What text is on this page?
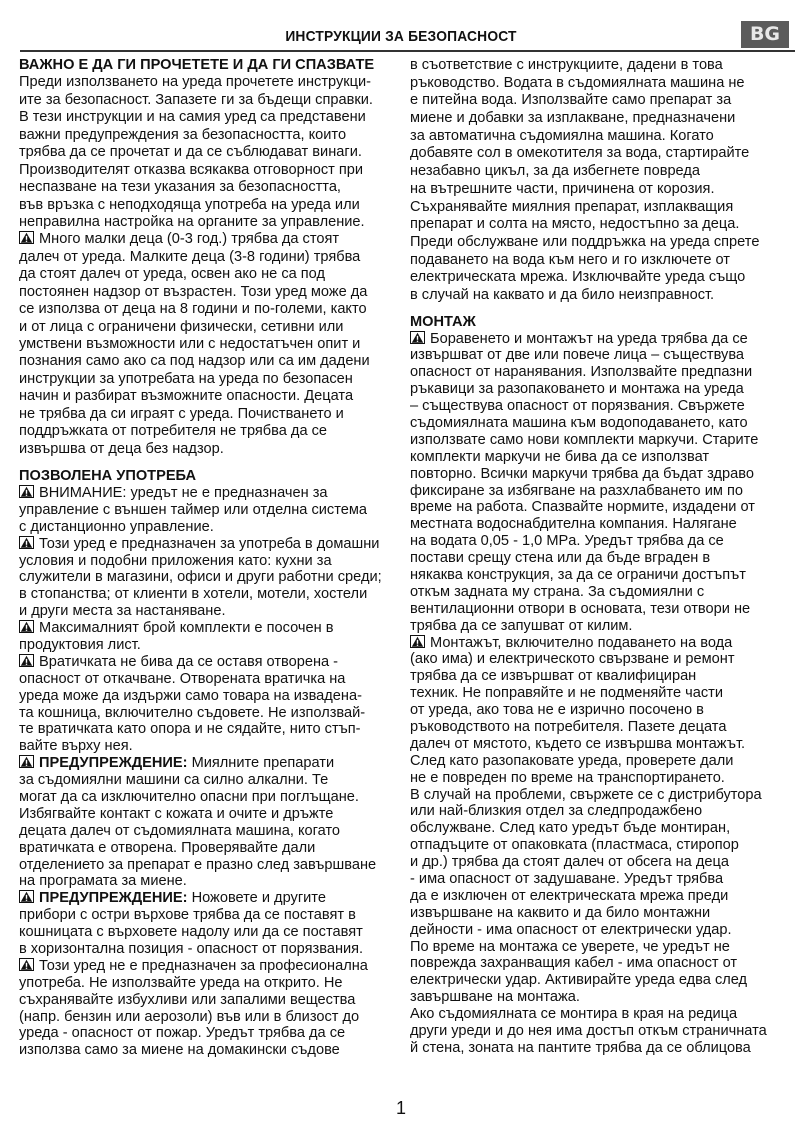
ИНСТРУКЦИИ ЗА БЕЗОПАСНОСТ	BG
ВАЖНО Е ДА ГИ ПРОЧЕТЕТЕ И ДА ГИ СПАЗВАТЕ
Преди използването на уреда прочетете инструкци-
ите за безопасност. Запазете ги за бъдещи справки.
В тези инструкции и на самия уред са представени
важни предупреждения за безопасността, които
трябва да се прочетат и да се съблюдават винаги.
Производителят отказва всякаква отговорност при
неспазване на тези указания за безопасността,
във връзка с неподходяща употреба на уреда или
неправилна настройка на органите за управление.
Много малки деца (0-3 год.) трябва да стоят
далеч от уреда. Малките деца (3-8 години) трябва
да стоят далеч от уреда, освен ако не са под
постоянен надзор от възрастен. Този уред може да
се използва от деца на 8 години и по-големи, както
и от лица с ограничени физически, сетивни или
умствени възможности или с недостатъчен опит и
познания само ако са под надзор или са им дадени
инструкции за употребата на уреда по безопасен
начин и разбират възможните опасности. Децата
не трябва да си играят с уреда. Почистването и
поддръжката от потребителя не трябва да се
извършва от деца без надзор.
ПОЗВОЛЕНА УПОТРЕБА
ВНИМАНИЕ: уредът не е предназначен за
управление с външен таймер или отделна система
с дистанционно управление.
Този уред е предназначен за употреба в домашни
условия и подобни приложения като: кухни за
служители в магазини, офиси и други работни среди;
в стопанства; от клиенти в хотели, мотели, хостели
и други места за настаняване.
Максималният брой комплекти е посочен в
продуктовия лист.
Вратичката не бива да се оставя отворена -
опасност от откачване. Отворената вратичка на
уреда може да издържи само товара на извадена-
та кошница, включително съдовете. Не използвай-
те вратичката като опора и не сядайте, нито стъп-
вайте върху нея.
ПРЕДУПРЕЖДЕНИЕ: Миялните препарати
за съдомиялни машини са силно алкални. Те
могат да са изключително опасни при поглъщане.
Избягвайте контакт с кожата и очите и дръжте
децата далеч от съдомиялната машина, когато
вратичката е отворена. Проверявайте дали
отделението за препарат е празно след завършване
на програмата за миене.
ПРЕДУПРЕЖДЕНИЕ: Ножовете и другите
прибори с остри върхове трябва да се поставят в
кошницата с върховете надолу или да се поставят
в хоризонтална позиция - опасност от порязвания.
Този уред не е предназначен за професионална
употреба. Не използвайте уреда на открито. Не
съхранявайте избухливи или запалими вещества
(напр. бензин или аерозоли) във или в близост до
уреда - опасност от пожар. Уредът трябва да се
използва само за миене на домакински съдове
в съответствие с инструкциите, дадени в това
ръководство. Водата в съдомиялната машина не
е питейна вода. Използвайте само препарат за
миене и добавки за изплакване, предназначени
за автоматична съдомиялна машина. Когато
добавяте сол в омекотителя за вода, стартирайте
незабавно цикъл, за да избегнете повреда
на вътрешните части, причинена от корозия.
Съхранявайте миялния препарат, изплакващия
препарат и солта на място, недостъпно за деца.
Преди обслужване или поддръжка на уреда спрете
подаването на вода към него и го изключете от
електрическата мрежа. Изключвайте уреда също
в случай на каквато и да било неизправност.
МОНТАЖ
Боравенето и монтажът на уреда трябва да се
извършват от две или повече лица – съществува
опасност от наранявания. Използвайте предпазни
ръкавици за разопаковането и монтажа на уреда
– съществува опасност от порязвания. Свържете
съдомиялната машина към водоподаването, като
използвате само нови комплекти маркучи. Старите
комплекти маркучи не бива да се използват
повторно. Всички маркучи трябва да бъдат здраво
фиксиране за избягване на разхлабването им по
време на работа. Спазвайте нормите, издадени от
местната водоснабдителна компания. Налягане
на водата 0,05 - 1,0 MPa. Уредът трябва да се
постави срещу стена или да бъде вграден в
някаква конструкция, за да се ограничи достъпът
откъм задната му страна. За съдомиялни с
вентилационни отвори в основата, тези отвори не
трябва да се запушват от килим.
Монтажът, включително подаването на вода
(ако има) и електрическото свързване и ремонт
трябва да се извършват от квалифициран
техник. Не поправяйте и не подменяйте части
от уреда, ако това не е изрично посочено в
ръководството на потребителя. Пазете децата
далеч от мястото, където се извършва монтажът.
След като разопаковате уреда, проверете дали
не е повреден по време на транспортирането.
В случай на проблеми, свържете се с дистрибутора
или най-близкия отдел за следпродажбено
обслужване. След като уредът бъде монтиран,
отпадъците от опаковката (пластмаса, стиропор
и др.) трябва да стоят далеч от обсега на деца
- има опасност от задушаване. Уредът трябва
да е изключен от електрическата мрежа преди
извършване на каквито и да било монтажни
дейности - има опасност от електрически удар.
По време на монтажа се уверете, че уредът не
поврежда захранващия кабел - има опасност от
електрически удар. Активирайте уреда едва след
завършване на монтажа.
Ако съдомиялната се монтира в края на редица
други уреди и до нея има достъп откъм страничната
й стена, зоната на пантите трябва да се облицова
1
